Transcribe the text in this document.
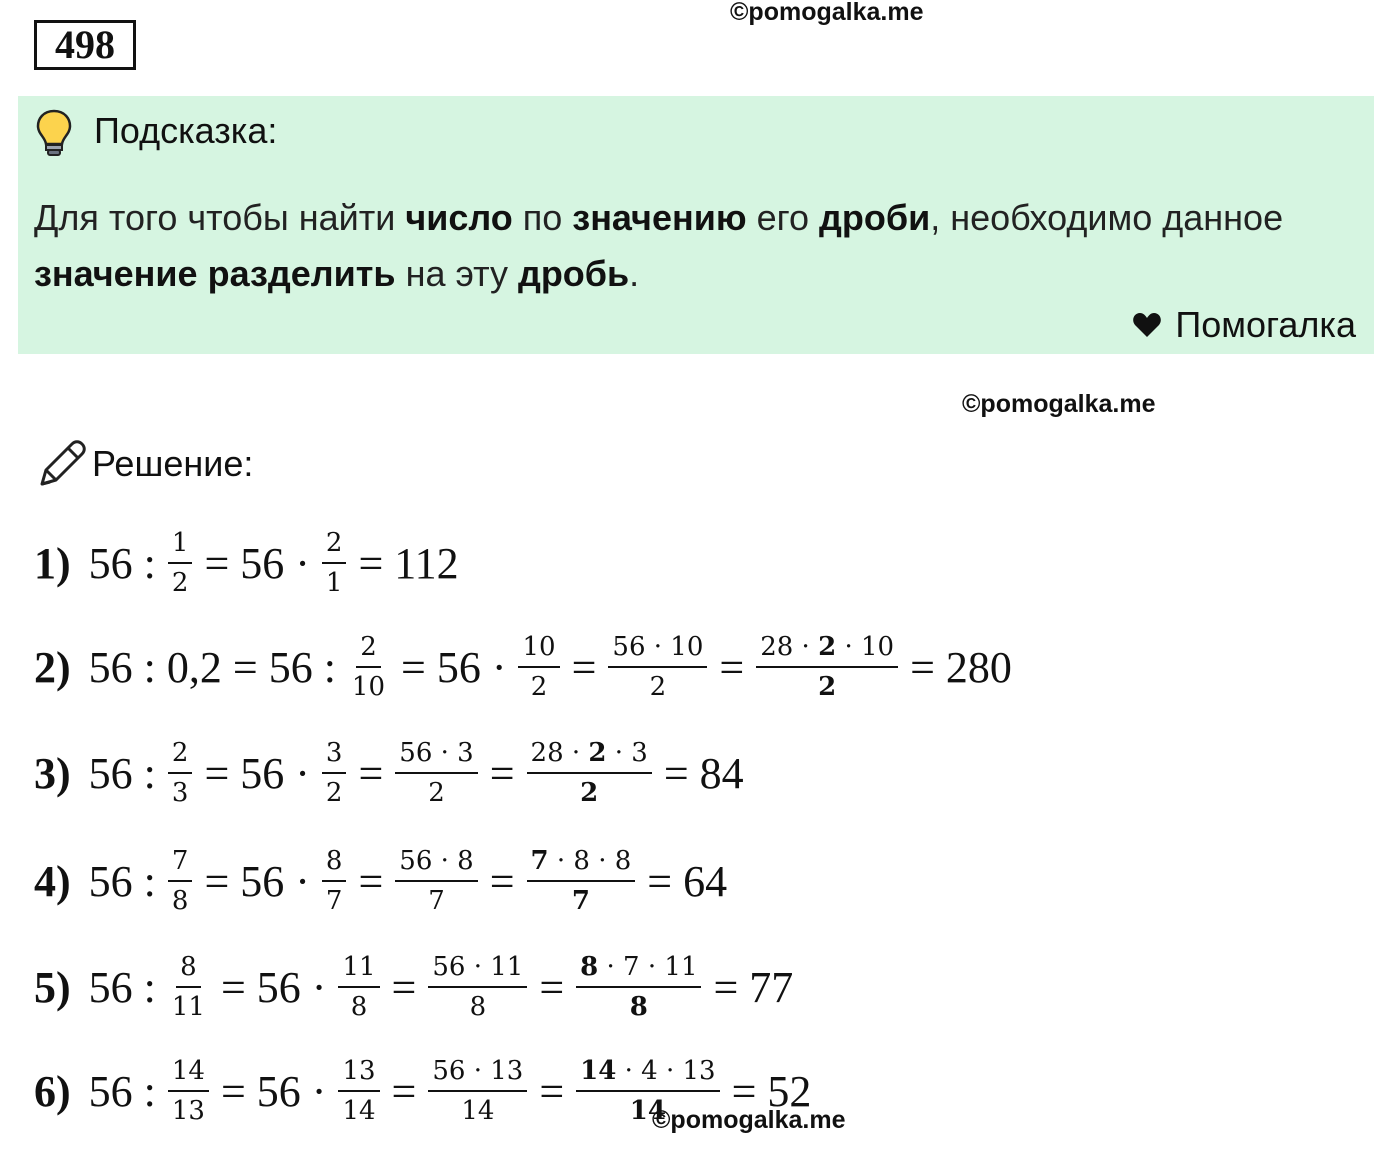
498
©pomogalka.me
Подсказка:
Для того чтобы найти число по значению его дроби, необходимо данное значение разделить на эту дробь.
Помогалка
©pomogalka.me
Решение:
1) 56 : $\frac{1}{2} = 56 \cdot \frac{2}{1} = 112$
2) 56 : 0,2 = 56 : $\frac{2}{10} = 56 \cdot \frac{10}{2} = \frac{56 \cdot 10}{2} = \frac{28 \cdot 2 \cdot 10}{2} = 280$
3) 56 : $\frac{2}{3} = 56 \cdot \frac{3}{2} = \frac{56 \cdot 3}{2} = \frac{28 \cdot 2 \cdot 3}{2} = 84$
4) 56 : $\frac{7}{8} = 56 \cdot \frac{8}{7} = \frac{56 \cdot 8}{7} = \frac{7 \cdot 8 \cdot 8}{7} = 64$
5) 56 : $\frac{8}{11} = 56 \cdot \frac{11}{8} = \frac{56 \cdot 11}{8} = \frac{8 \cdot 7 \cdot 11}{8} = 77$
6) 56 : $\frac{14}{13} = 56 \cdot \frac{13}{14} = \frac{56 \cdot 13}{14} = \frac{14 \cdot 4 \cdot 13}{14} = 52$
©pomogalka.me
